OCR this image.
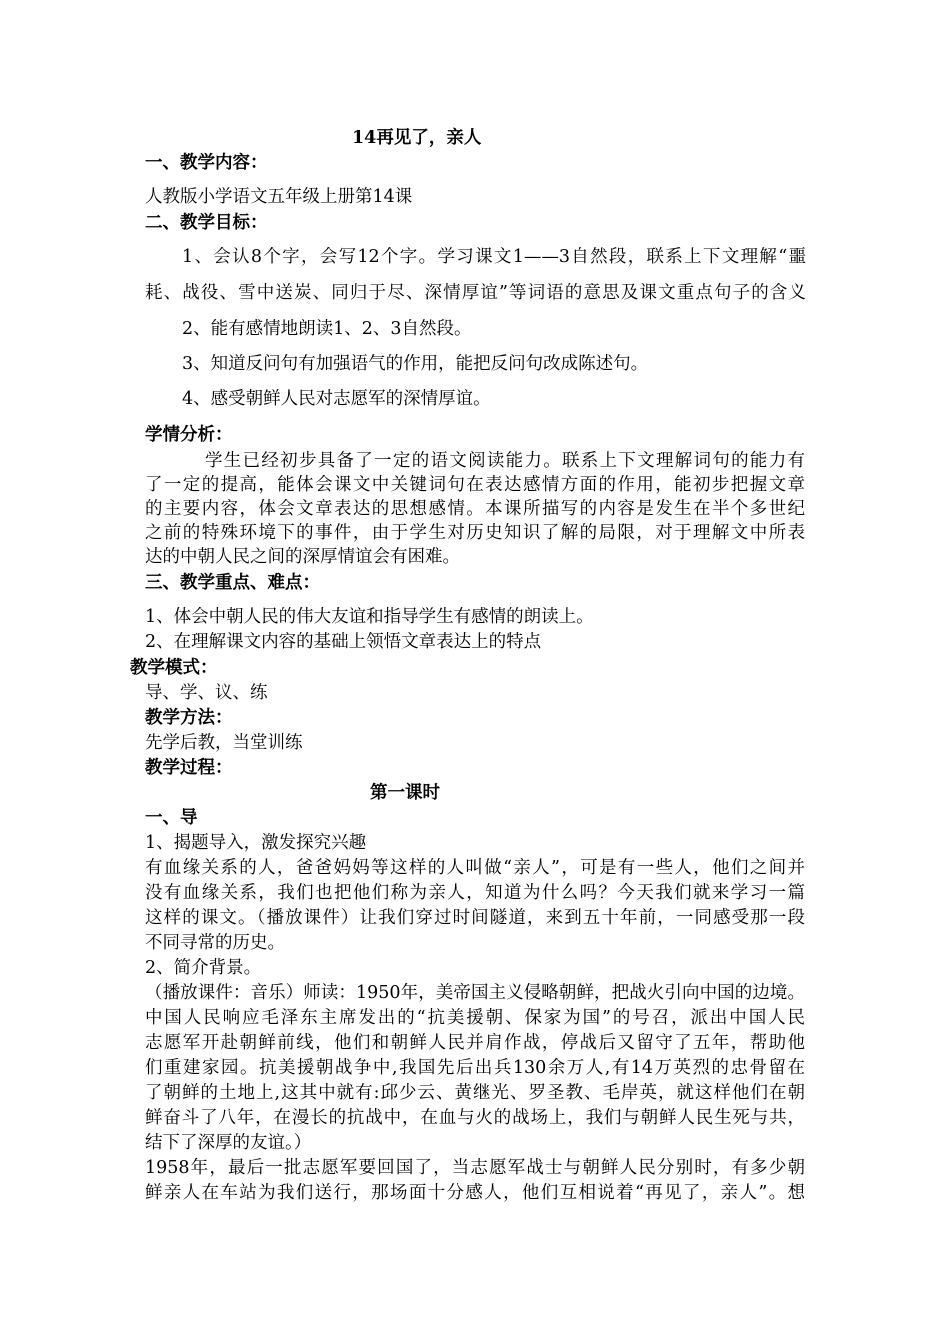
14再见了，亲人
一、教学内容：
人教版小学语文五年级上册第14课
二、教学目标：
1、会认8个字，会写12个字。学习课文1——3自然段，联系上下文理解“噩
耗、战役、雪中送炭、同归于尽、深情厚谊”等词语的意思及课文重点句子的含义
2、能有感情地朗读1、2、3自然段。
3、知道反问句有加强语气的作用，能把反问句改成陈述句。
4、感受朝鲜人民对志愿军的深情厚谊。
学情分析：
学生已经初步具备了一定的语文阅读能力。联系上下文理解词句的能力有
了一定的提高，能体会课文中关键词句在表达感情方面的作用，能初步把握文章
的主要内容，体会文章表达的思想感情。本课所描写的内容是发生在半个多世纪
之前的特殊环境下的事件，由于学生对历史知识了解的局限，对于理解文中所表
达的中朝人民之间的深厚情谊会有困难。
三、教学重点、难点：
1、体会中朝人民的伟大友谊和指导学生有感情的朗读上。
2、在理解课文内容的基础上领悟文章表达上的特点
教学模式：
导、学、议、练
教学方法：
先学后教，当堂训练
教学过程：
第一课时
一、导
1、揭题导入，激发探究兴趣
有血缘关系的人，爸爸妈妈等这样的人叫做“亲人”，可是有一些人，他们之间并
没有血缘关系，我们也把他们称为亲人，知道为什么吗？今天我们就来学习一篇
这样的课文。（播放课件）让我们穿过时间隧道，来到五十年前，一同感受那一段
不同寻常的历史。
2、简介背景。
（播放课件：音乐）师读：1950年，美帝国主义侵略朝鲜，把战火引向中国的边境。
中国人民响应毛泽东主席发出的“抗美援朝、保家为国”的号召，派出中国人民
志愿军开赴朝鲜前线，他们和朝鲜人民并肩作战，停战后又留守了五年，帮助他
们重建家园。抗美援朝战争中,我国先后出兵130余万人,有14万英烈的忠骨留在
了朝鲜的土地上,这其中就有:邱少云、黄继光、罗圣教、毛岸英，就这样他们在朝
鲜奋斗了八年，在漫长的抗战中，在血与火的战场上，我们与朝鲜人民生死与共，
结下了深厚的友谊。）
1958年，最后一批志愿军要回国了，当志愿军战士与朝鲜人民分别时，有多少朝
鲜亲人在车站为我们送行，那场面十分感人，他们互相说着“再见了，亲人”。想
